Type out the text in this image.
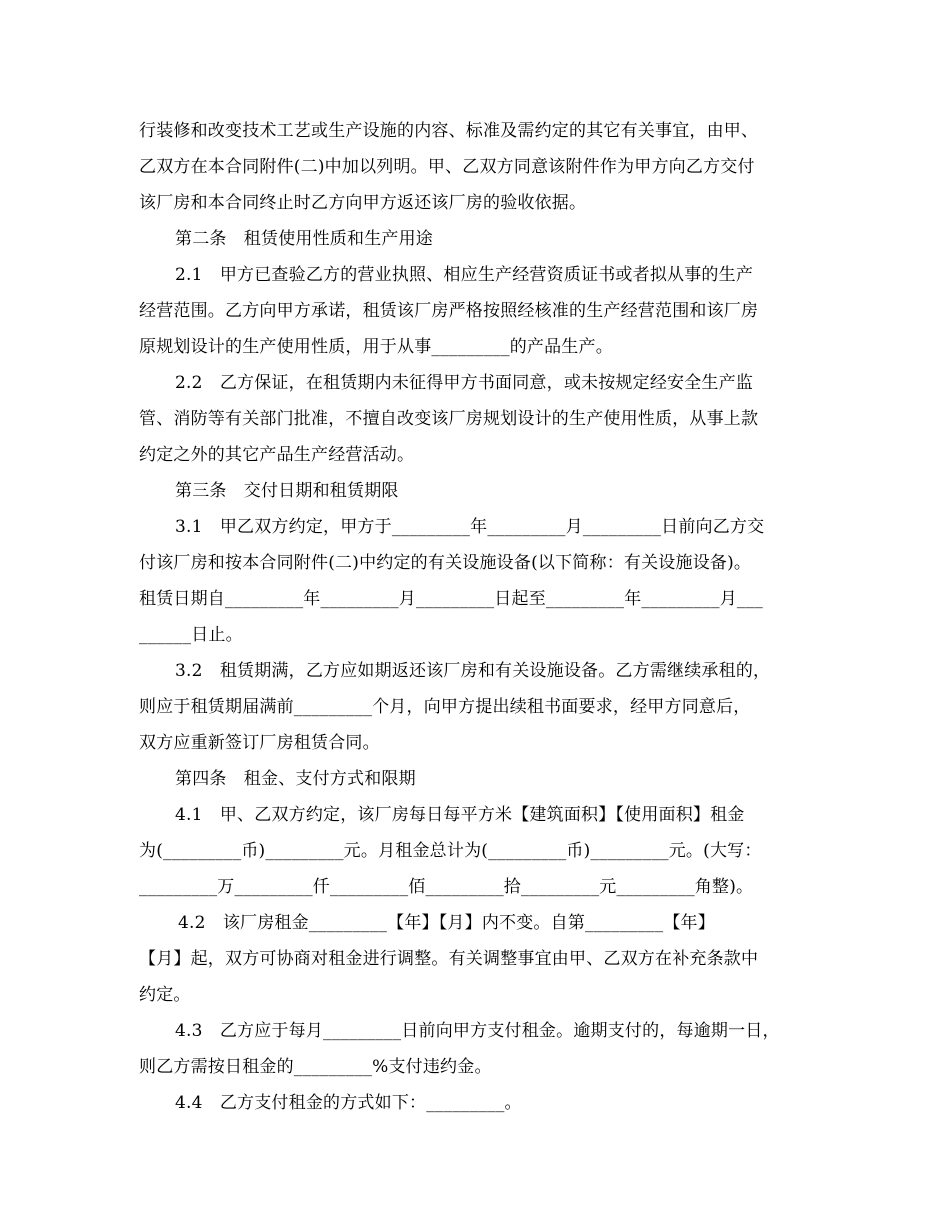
行装修和改变技术工艺或生产设施的内容、标准及需约定的其它有关事宜，由甲、
乙双方在本合同附件(二)中加以列明。甲、乙双方同意该附件作为甲方向乙方交付
该厂房和本合同终止时乙方向甲方返还该厂房的验收依据。
第二条　租赁使用性质和生产用途
2.1　甲方已查验乙方的营业执照、相应生产经营资质证书或者拟从事的生产
经营范围。乙方向甲方承诺，租赁该厂房严格按照经核准的生产经营范围和该厂房
原规划设计的生产使用性质，用于从事_________的产品生产。
2.2　乙方保证，在租赁期内未征得甲方书面同意，或未按规定经安全生产监
管、消防等有关部门批准，不擅自改变该厂房规划设计的生产使用性质，从事上款
约定之外的其它产品生产经营活动。
第三条　交付日期和租赁期限
3.1　甲乙双方约定，甲方于_________年_________月_________日前向乙方交
付该厂房和按本合同附件(二)中约定的有关设施设备(以下简称：有关设施设备)。
租赁日期自_________年_________月_________日起至_________年_________月___
______日止。
3.2　租赁期满，乙方应如期返还该厂房和有关设施设备。乙方需继续承租的，
则应于租赁期届满前_________个月，向甲方提出续租书面要求，经甲方同意后，
双方应重新签订厂房租赁合同。
第四条　租金、支付方式和限期
4.1　甲、乙双方约定，该厂房每日每平方米【建筑面积】【使用面积】租金
为(_________币)_________元。月租金总计为(_________币)_________元。(大写：
_________万_________仟_________佰_________拾_________元_________角整)。
4.2　该厂房租金_________【年】【月】内不变。自第_________【年】
【月】起，双方可协商对租金进行调整。有关调整事宜由甲、乙双方在补充条款中
约定。
4.3　乙方应于每月_________日前向甲方支付租金。逾期支付的，每逾期一日，
则乙方需按日租金的_________%支付违约金。
4.4　乙方支付租金的方式如下：_________。
